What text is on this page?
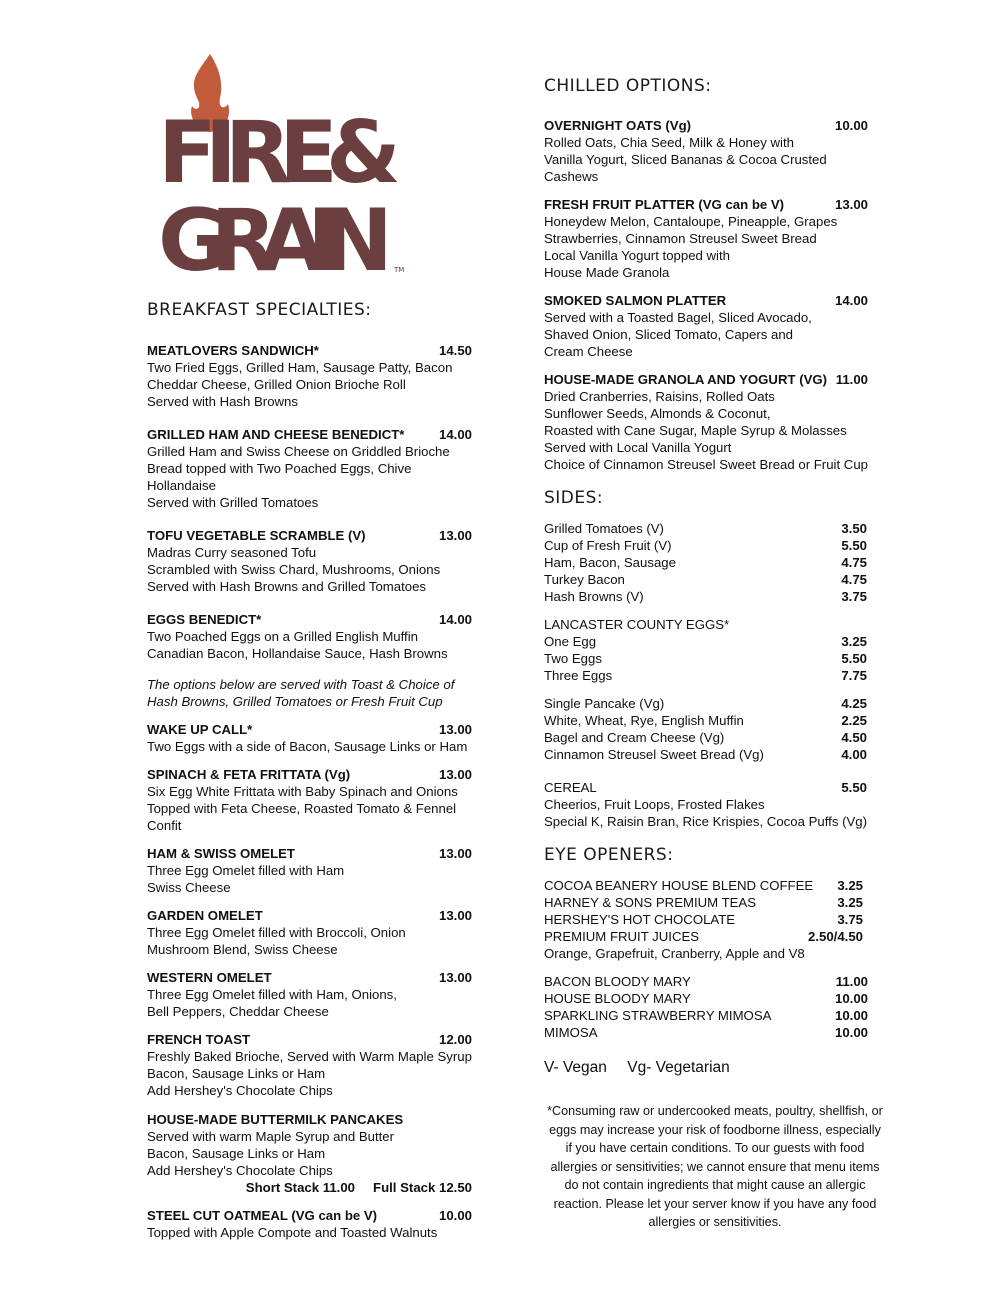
FIRE&
GRAIN TM
BREAKFAST SPECIALTIES:
MEATLOVERS SANDWICH*	14.50
Two Fried Eggs, Grilled Ham, Sausage Patty, Bacon
Cheddar Cheese, Grilled Onion Brioche Roll
Served with Hash Browns
GRILLED HAM AND CHEESE BENEDICT*	14.00
Grilled Ham and Swiss Cheese on Griddled Brioche
Bread topped with Two Poached Eggs, Chive Hollandaise
Served with Grilled Tomatoes
TOFU VEGETABLE SCRAMBLE (V)	13.00
Madras Curry seasoned Tofu
Scrambled with Swiss Chard, Mushrooms, Onions
Served with Hash Browns and Grilled Tomatoes
EGGS BENEDICT*	14.00
Two Poached Eggs on a Grilled English Muffin
Canadian Bacon, Hollandaise Sauce, Hash Browns
The options below are served with Toast & Choice of Hash Browns, Grilled Tomatoes or Fresh Fruit Cup
WAKE UP CALL*	13.00
Two Eggs with a side of Bacon, Sausage Links or Ham
SPINACH & FETA FRITTATA (Vg)	13.00
Six Egg White Frittata with Baby Spinach and Onions
Topped with Feta Cheese, Roasted Tomato & Fennel Confit
HAM & SWISS OMELET	13.00
Three Egg Omelet filled with Ham
Swiss Cheese
GARDEN OMELET	13.00
Three Egg Omelet filled with Broccoli, Onion
Mushroom Blend, Swiss Cheese
WESTERN OMELET	13.00
Three Egg Omelet filled with Ham, Onions,
Bell Peppers, Cheddar Cheese
FRENCH TOAST	12.00
Freshly Baked Brioche, Served with Warm Maple Syrup
Bacon, Sausage Links or Ham
Add Hershey's Chocolate Chips
HOUSE-MADE BUTTERMILK PANCAKES
Served with warm Maple Syrup and Butter
Bacon, Sausage Links or Ham
Add Hershey's Chocolate Chips
Short Stack 11.00 Full Stack 12.50
STEEL CUT OATMEAL (VG can be V)	10.00
Topped with Apple Compote and Toasted Walnuts
CHILLED OPTIONS:
OVERNIGHT OATS (Vg)	10.00
Rolled Oats, Chia Seed, Milk & Honey with
Vanilla Yogurt, Sliced Bananas & Cocoa Crusted Cashews
FRESH FRUIT PLATTER (VG can be V)	13.00
Honeydew Melon, Cantaloupe, Pineapple, Grapes
Strawberries, Cinnamon Streusel Sweet Bread
Local Vanilla Yogurt topped with
House Made Granola
SMOKED SALMON PLATTER	14.00
Served with a Toasted Bagel, Sliced Avocado,
Shaved Onion, Sliced Tomato, Capers and
Cream Cheese
HOUSE-MADE GRANOLA AND YOGURT (VG) 11.00
Dried Cranberries, Raisins, Rolled Oats
Sunflower Seeds, Almonds & Coconut,
Roasted with Cane Sugar, Maple Syrup & Molasses
Served with Local Vanilla Yogurt
Choice of Cinnamon Streusel Sweet Bread or Fruit Cup
SIDES:
Grilled Tomatoes (V)	3.50
Cup of Fresh Fruit (V)	5.50
Ham, Bacon, Sausage	4.75
Turkey Bacon	4.75
Hash Browns (V)	3.75
LANCASTER COUNTY EGGS*
One Egg	3.25
Two Eggs	5.50
Three Eggs	7.75
Single Pancake (Vg)	4.25
White, Wheat, Rye, English Muffin	2.25
Bagel and Cream Cheese (Vg)	4.50
Cinnamon Streusel Sweet Bread (Vg)	4.00
CEREAL	5.50
Cheerios, Fruit Loops, Frosted Flakes
Special K, Raisin Bran, Rice Krispies, Cocoa Puffs (Vg)
EYE OPENERS:
COCOA BEANERY HOUSE BLEND COFFEE 3.25
HARNEY & SONS PREMIUM TEAS	3.25
HERSHEY'S HOT CHOCOLATE	3.75
PREMIUM FRUIT JUICES	2.50/4.50
Orange, Grapefruit, Cranberry, Apple and V8
BACON BLOODY MARY	11.00
HOUSE BLOODY MARY	10.00
SPARKLING STRAWBERRY MIMOSA	10.00
MIMOSA	10.00
V- Vegan Vg- Vegetarian
*Consuming raw or undercooked meats, poultry, shellfish, or eggs may increase your risk of foodborne illness, especially if you have certain conditions. To our guests with food allergies or sensitivities; we cannot ensure that menu items do not contain ingredients that might cause an allergic reaction. Please let your server know if you have any food allergies or sensitivities.
